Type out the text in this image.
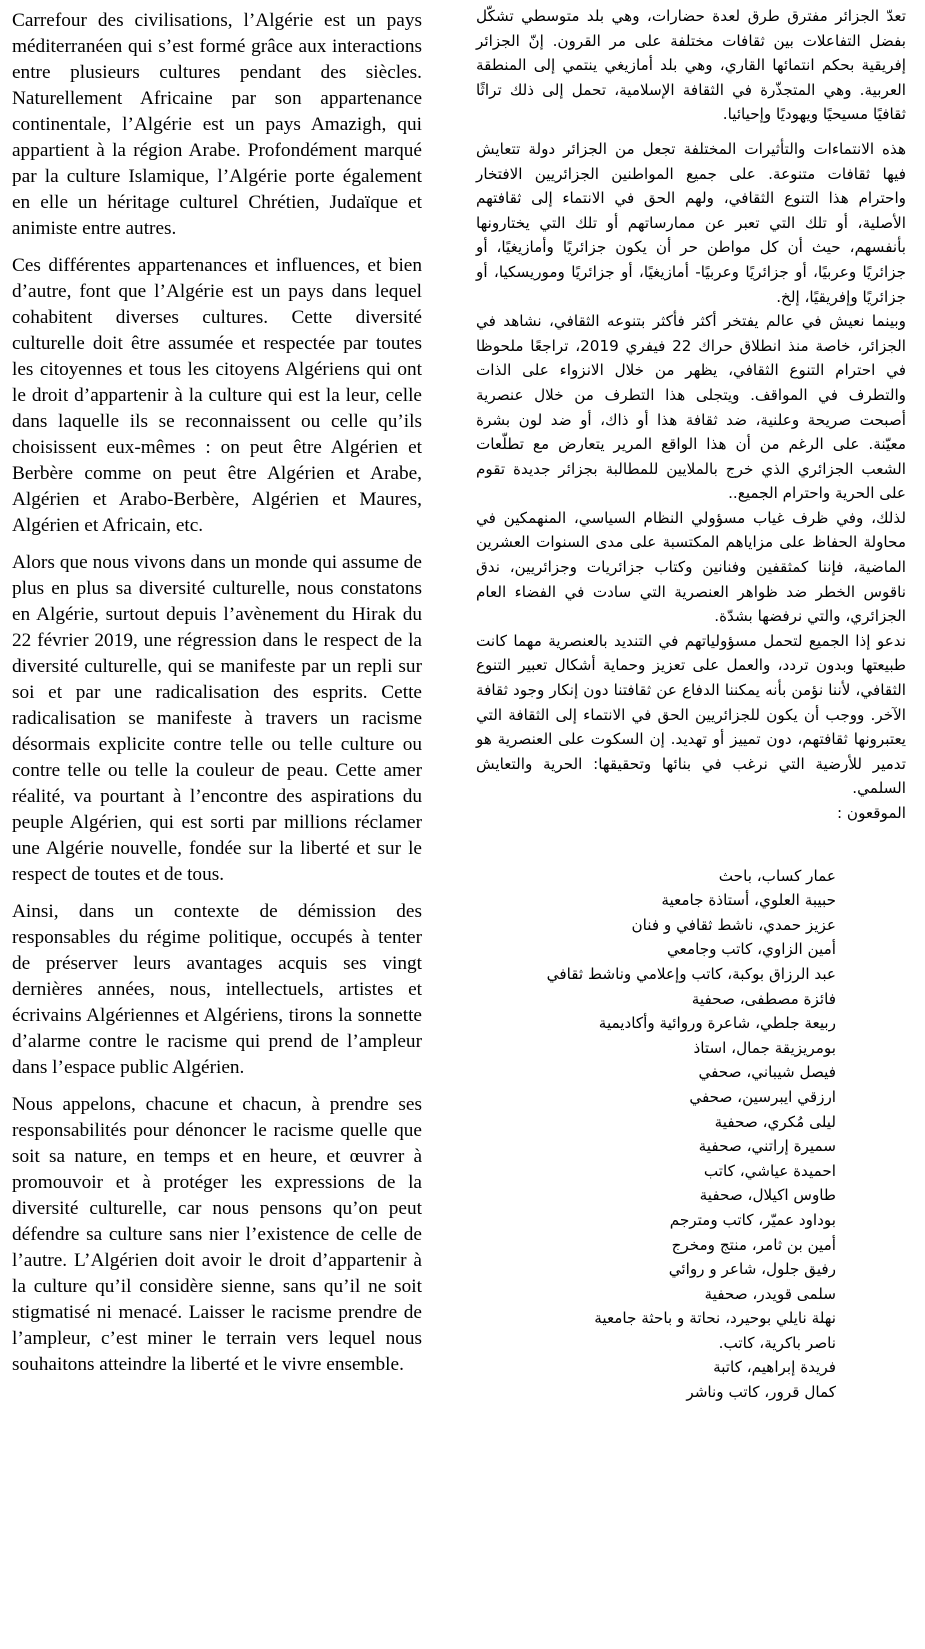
Carrefour des civilisations, l’Algérie est un pays méditerranéen qui s’est formé grâce aux interactions entre plusieurs cultures pendant des siècles. Naturellement Africaine par son appartenance continentale, l’Algérie est un pays Amazigh, qui appartient à la région Arabe. Profondément marqué par la culture Islamique, l’Algérie porte également en elle un héritage culturel Chrétien, Judaïque et animiste entre autres.

Ces différentes appartenances et influences, et bien d’autre, font que l’Algérie est un pays dans lequel cohabitent diverses cultures. Cette diversité culturelle doit être assumée et respectée par toutes les citoyennes et tous les citoyens Algériens qui ont le droit d’appartenir à la culture qui est la leur, celle dans laquelle ils se reconnaissent ou celle qu’ils choisissent eux-mêmes : on peut être Algérien et Berbère comme on peut être Algérien et Arabe, Algérien et Arabo-Berbère, Algérien et Maures, Algérien et Africain, etc.

Alors que nous vivons dans un monde qui assume de plus en plus sa diversité culturelle, nous constatons en Algérie, surtout depuis l’avènement du Hirak du 22 février 2019, une régression dans le respect de la diversité culturelle, qui se manifeste par un repli sur soi et par une radicalisation des esprits. Cette radicalisation se manifeste à travers un racisme désormais explicite contre telle ou telle culture ou contre telle ou telle la couleur de peau. Cette amer réalité, va pourtant à l’encontre des aspirations du peuple Algérien, qui est sorti par millions réclamer une Algérie nouvelle, fondée sur la liberté et sur le respect de toutes et de tous.

Ainsi, dans un contexte de démission des responsables du régime politique, occupés à tenter de préserver leurs avantages acquis ses vingt dernières années, nous, intellectuels, artistes et écrivains Algériennes et Algériens, tirons la sonnette d’alarme contre le racisme qui prend de l’ampleur dans l’espace public Algérien.

Nous appelons, chacune et chacun, à prendre ses responsabilités pour dénoncer le racisme quelle que soit sa nature, en temps et en heure, et œuvrer à promouvoir et à protéger les expressions de la diversité culturelle, car nous pensons qu’on peut défendre sa culture sans nier l’existence de celle de l’autre. L’Algérien doit avoir le droit d’appartenir à la culture qu’il considère sienne, sans qu’il ne soit stigmatisé ni menacé. Laisser le racisme prendre de l’ampleur, c’est miner le terrain vers lequel nous souhaitons atteindre la liberté et le vivre ensemble.

تعدّ الجزائر مفترق طرق لعدة حضارات، وهي بلد متوسطي تشكّل بفضل التفاعلات بين ثقافات مختلفة على مر القرون. إنّ الجزائر إفريقية بحكم انتمائها القاري، وهي بلد أمازيغي ينتمي إلى المنطقة العربية. وهي المتجذّرة في الثقافة الإسلامية، تحمل إلى ذلك تراثًا ثقافيًا مسيحيًا ويهوديًا وإحيائيا.

هذه الانتماءات والتأثيرات المختلفة تجعل من الجزائر دولة تتعايش فيها ثقافات متنوعة. على جميع المواطنين الجزائريين الافتخار واحترام هذا التنوع الثقافي، ولهم الحق في الانتماء إلى ثقافتهم الأصلية، أو تلك التي تعبر عن ممارساتهم أو تلك التي يختارونها بأنفسهم، حيث أن كل مواطن حر أن يكون جزائريًا وأمازيغيًا، أو جزائريًا وعربيًا، أو جزائريًا وعربيًا- أمازيغيًا، أو جزائريًا وموريسكيا، أو جزائريًا وإفريقيًا، إلخ.

وبينما نعيش في عالم يفتخر أكثر فأكثر بتنوعه الثقافي، نشاهد في الجزائر، خاصة منذ انطلاق حراك 22 فيفري 2019، تراجعًا ملحوظا في احترام التنوع الثقافي، يظهر من خلال الانزواء على الذات والتطرف في المواقف. ويتجلى هذا التطرف من خلال عنصرية أصبحت صريحة وعلنية، ضد ثقافة هذا أو ذاك، أو ضد لون بشرة معيّنة. على الرغم من أن هذا الواقع المرير يتعارض مع تطلّعات الشعب الجزائري الذي خرج بالملايين للمطالبة بجزائر جديدة تقوم على الحرية واحترام الجميع..

لذلك، وفي ظرف غياب مسؤولي النظام السياسي، المنهمكين في محاولة الحفاظ على مزاياهم المكتسبة على مدى السنوات العشرين الماضية، فإننا كمثقفين وفنانين وكتاب جزائريات وجزائريين، ندق ناقوس الخطر ضد ظواهر العنصرية التي سادت في الفضاء العام الجزائري، والتي نرفضها بشدّة.

ندعو إذا الجميع لتحمل مسؤولياتهم في التنديد بالعنصرية مهما كانت طبيعتها وبدون تردد، والعمل على تعزيز وحماية أشكال تعبير التنوع الثقافي، لأننا نؤمن بأنه يمكننا الدفاع عن ثقافتنا دون إنكار وجود ثقافة الآخر. ووجب أن يكون للجزائريين الحق في الانتماء إلى الثقافة التي يعتبرونها ثقافتهم، دون تمييز أو تهديد. إن السكوت على العنصرية هو تدمير للأرضية التي نرغب في بنائها وتحقيقها: الحرية والتعايش السلمي.

الموقعون :

عمار كساب، باحث
حبيبة العلوي، أستاذة جامعية
عزيز حمدي، ناشط ثقافي و فنان
أمين الزاوي، كاتب وجامعي
عبد الرزاق بوكبة، كاتب وإعلامي وناشط ثقافي
فائزة مصطفى، صحفية
ربيعة جلطي، شاعرة وروائية وأكاديمية
بومريزيقة جمال، استاذ
فيصل شيباني، صحفي
ارزقي ايبرسين، صحفي
ليلى مُكري، صحفية
سميرة إراتني، صحفية
احميدة عياشي، كاتب
طاوس اكيلال، صحفية
بوداود عميّر، كاتب ومترجم
أمين بن ثامر، منتج ومخرج
رفيق جلول، شاعر و روائي
سلمى قويدر، صحفية
نهلة نايلي بوحيرد، نحاتة و باحثة جامعية
ناصر باكرية، كاتب.
فريدة إبراهيم، كاتبة
كمال قرور، كاتب وناشر
